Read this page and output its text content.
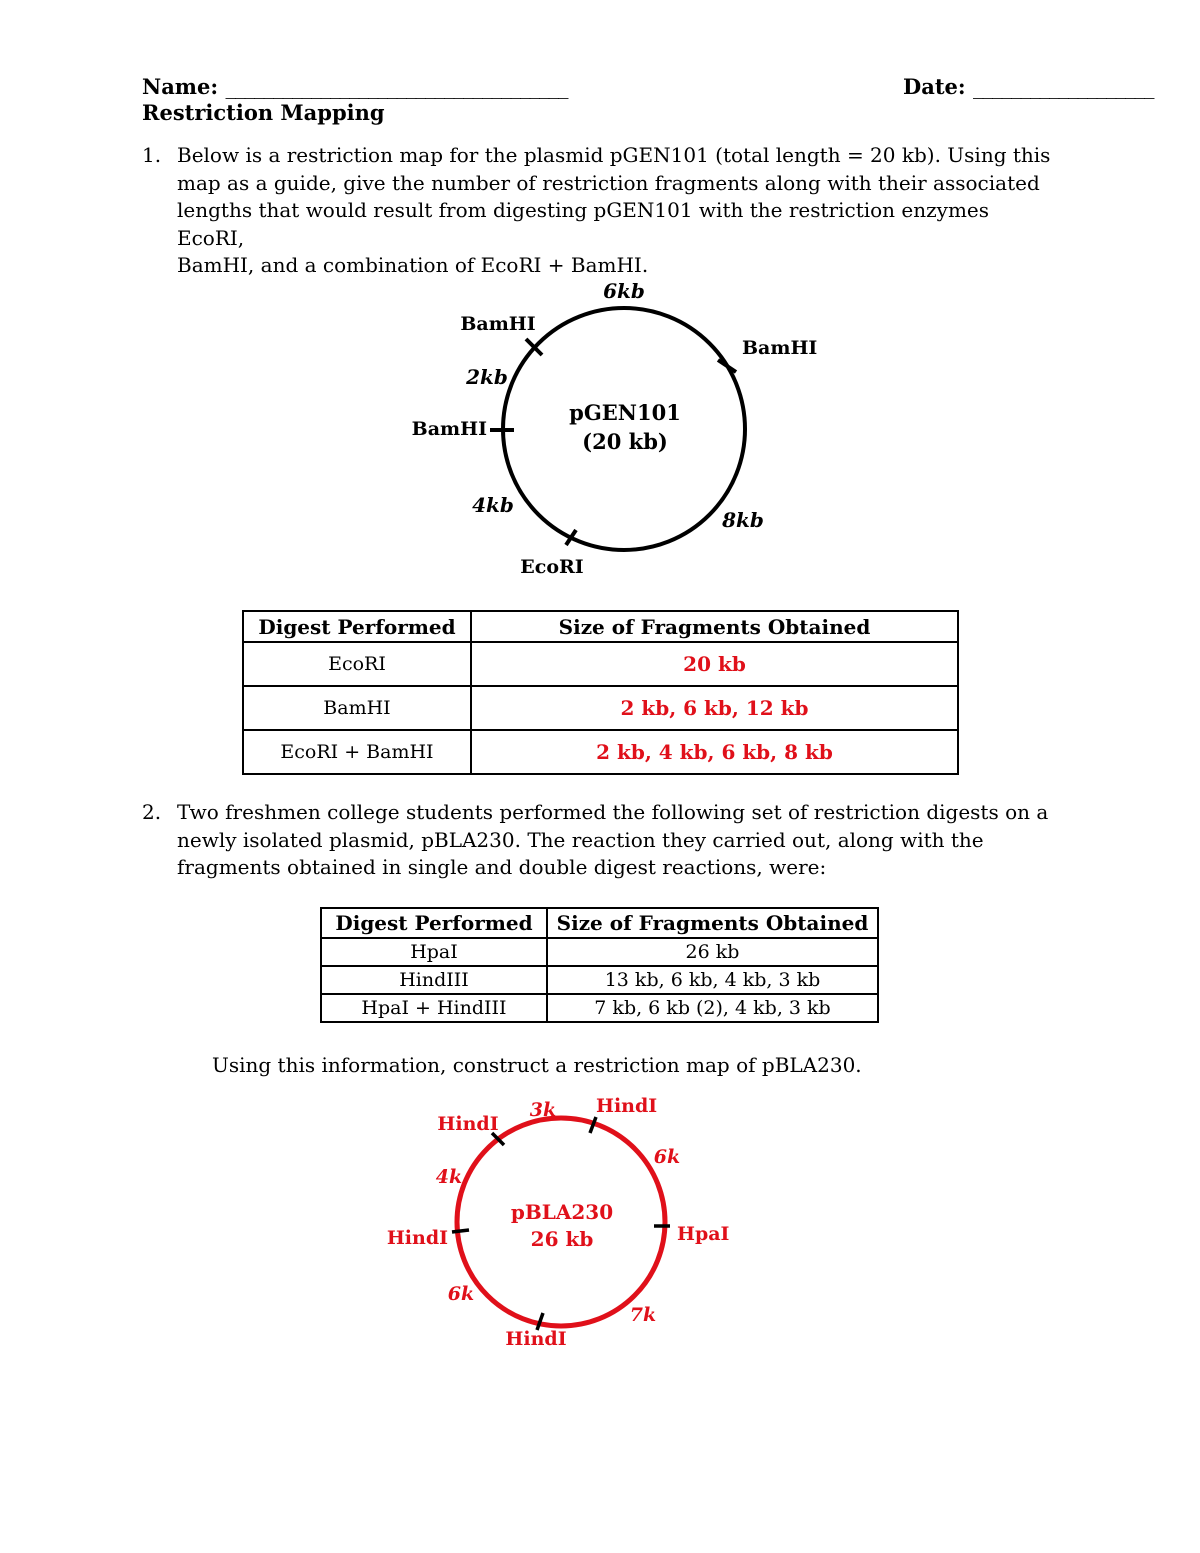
Name: ____________________________________	Date: ___________________
Restriction Mapping
1. Below is a restriction map for the plasmid pGEN101 (total length = 20 kb). Using this
map as a guide, give the number of restriction fragments along with their associated
lengths that would result from digesting pGEN101 with the restriction enzymes EcoRI,
BamHI, and a combination of EcoRI + BamHI.
6kb
BamHI
BamHI
2kb
BamHI
pGEN101
(20 kb)
4kb
8kb
EcoRI
Digest Performed	Size of Fragments Obtained
EcoRI	20 kb
BamHI	2 kb, 6 kb, 12 kb
EcoRI + BamHI	2 kb, 4 kb, 6 kb, 8 kb
2. Two freshmen college students performed the following set of restriction digests on a
newly isolated plasmid, pBLA230. The reaction they carried out, along with the
fragments obtained in single and double digest reactions, were:
Digest Performed	Size of Fragments Obtained
HpaI	26 kb
HindIII	13 kb, 6 kb, 4 kb, 3 kb
HpaI + HindIII	7 kb, 6 kb (2), 4 kb, 3 kb
Using this information, construct a restriction map of pBLA230.
HindI
3k HindI
6k
4k
pBLA230
26 kb	HpaI
HindI
6k
7k
HindI
